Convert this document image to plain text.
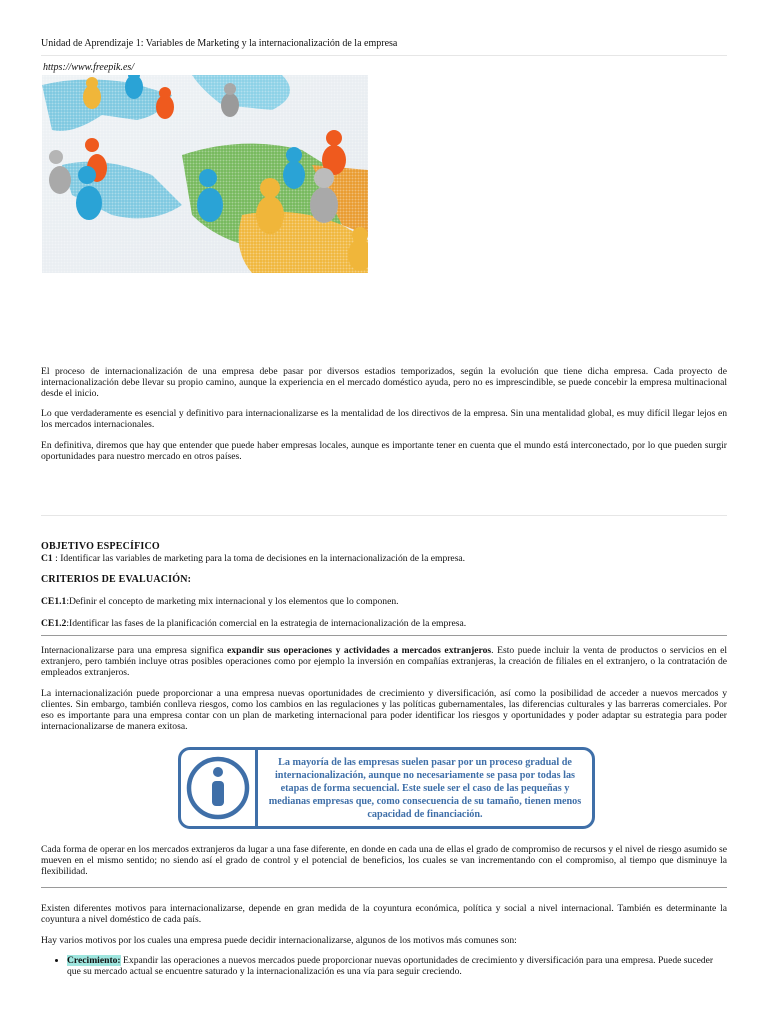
Unidad de Aprendizaje 1: Variables de Marketing y la internacionalización de la empresa
https://www.freepik.es/

El proceso de internacionalización de una empresa debe pasar por diversos estadios temporizados, según la evolución que tiene dicha empresa. Cada proyecto de internacionalización debe llevar su propio camino, aunque la experiencia en el mercado doméstico ayuda, pero no es imprescindible, se puede concebir la empresa multinacional desde el inicio.

Lo que verdaderamente es esencial y definitivo para internacionalizarse es la mentalidad de los directivos de la empresa. Sin una mentalidad global, es muy difícil llegar lejos en los mercados internacionales.

En definitiva, diremos que hay que entender que puede haber empresas locales, aunque es importante tener en cuenta que el mundo está interconectado, por lo que pueden surgir oportunidades para nuestro mercado en otros países.

OBJETIVO ESPECÍFICO
C1 : Identificar las variables de marketing para la toma de decisiones en la internacionalización de la empresa.
CRITERIOS DE EVALUACIÓN:
CE1.1:Definir el concepto de marketing mix internacional y los elementos que lo componen.
CE1.2:Identificar las fases de la planificación comercial en la estrategia de internacionalización de la empresa.

Internacionalizarse para una empresa significa expandir sus operaciones y actividades a mercados extranjeros. Esto puede incluir la venta de productos o servicios en el extranjero, pero también incluye otras posibles operaciones como por ejemplo la inversión en compañías extranjeras, la creación de filiales en el extranjero, o la contratación de empleados extranjeros.

La internacionalización puede proporcionar a una empresa nuevas oportunidades de crecimiento y diversificación, así como la posibilidad de acceder a nuevos mercados y clientes. Sin embargo, también conlleva riesgos, como los cambios en las regulaciones y las políticas gubernamentales, las diferencias culturales y las barreras comerciales. Por eso es importante para una empresa contar con un plan de marketing internacional para poder identificar los riesgos y oportunidades y poder adaptar su estrategia para poder internacionalizarse de manera exitosa.

La mayoría de las empresas suelen pasar por un proceso gradual de internacionalización, aunque no necesariamente se pasa por todas las etapas de forma secuencial. Este suele ser el caso de las pequeñas y medianas empresas que, como consecuencia de su tamaño, tienen menos capacidad de financiación.

Cada forma de operar en los mercados extranjeros da lugar a una fase diferente, en donde en cada una de ellas el grado de compromiso de recursos y el nivel de riesgo asumido se mueven en el mismo sentido; no siendo así el grado de control y el potencial de beneficios, los cuales se van incrementando con el compromiso, al tiempo que disminuye la flexibilidad.

Existen diferentes motivos para internacionalizarse, depende en gran medida de la coyuntura económica, política y social a nivel internacional. También es determinante la coyuntura a nivel doméstico de cada país.

Hay varios motivos por los cuales una empresa puede decidir internacionalizarse, algunos de los motivos más comunes son:

• Crecimiento: Expandir las operaciones a nuevos mercados puede proporcionar nuevas oportunidades de crecimiento y diversificación para una empresa. Puede suceder que su mercado actual se encuentre saturado y la internacionalización es una vía para seguir creciendo.
